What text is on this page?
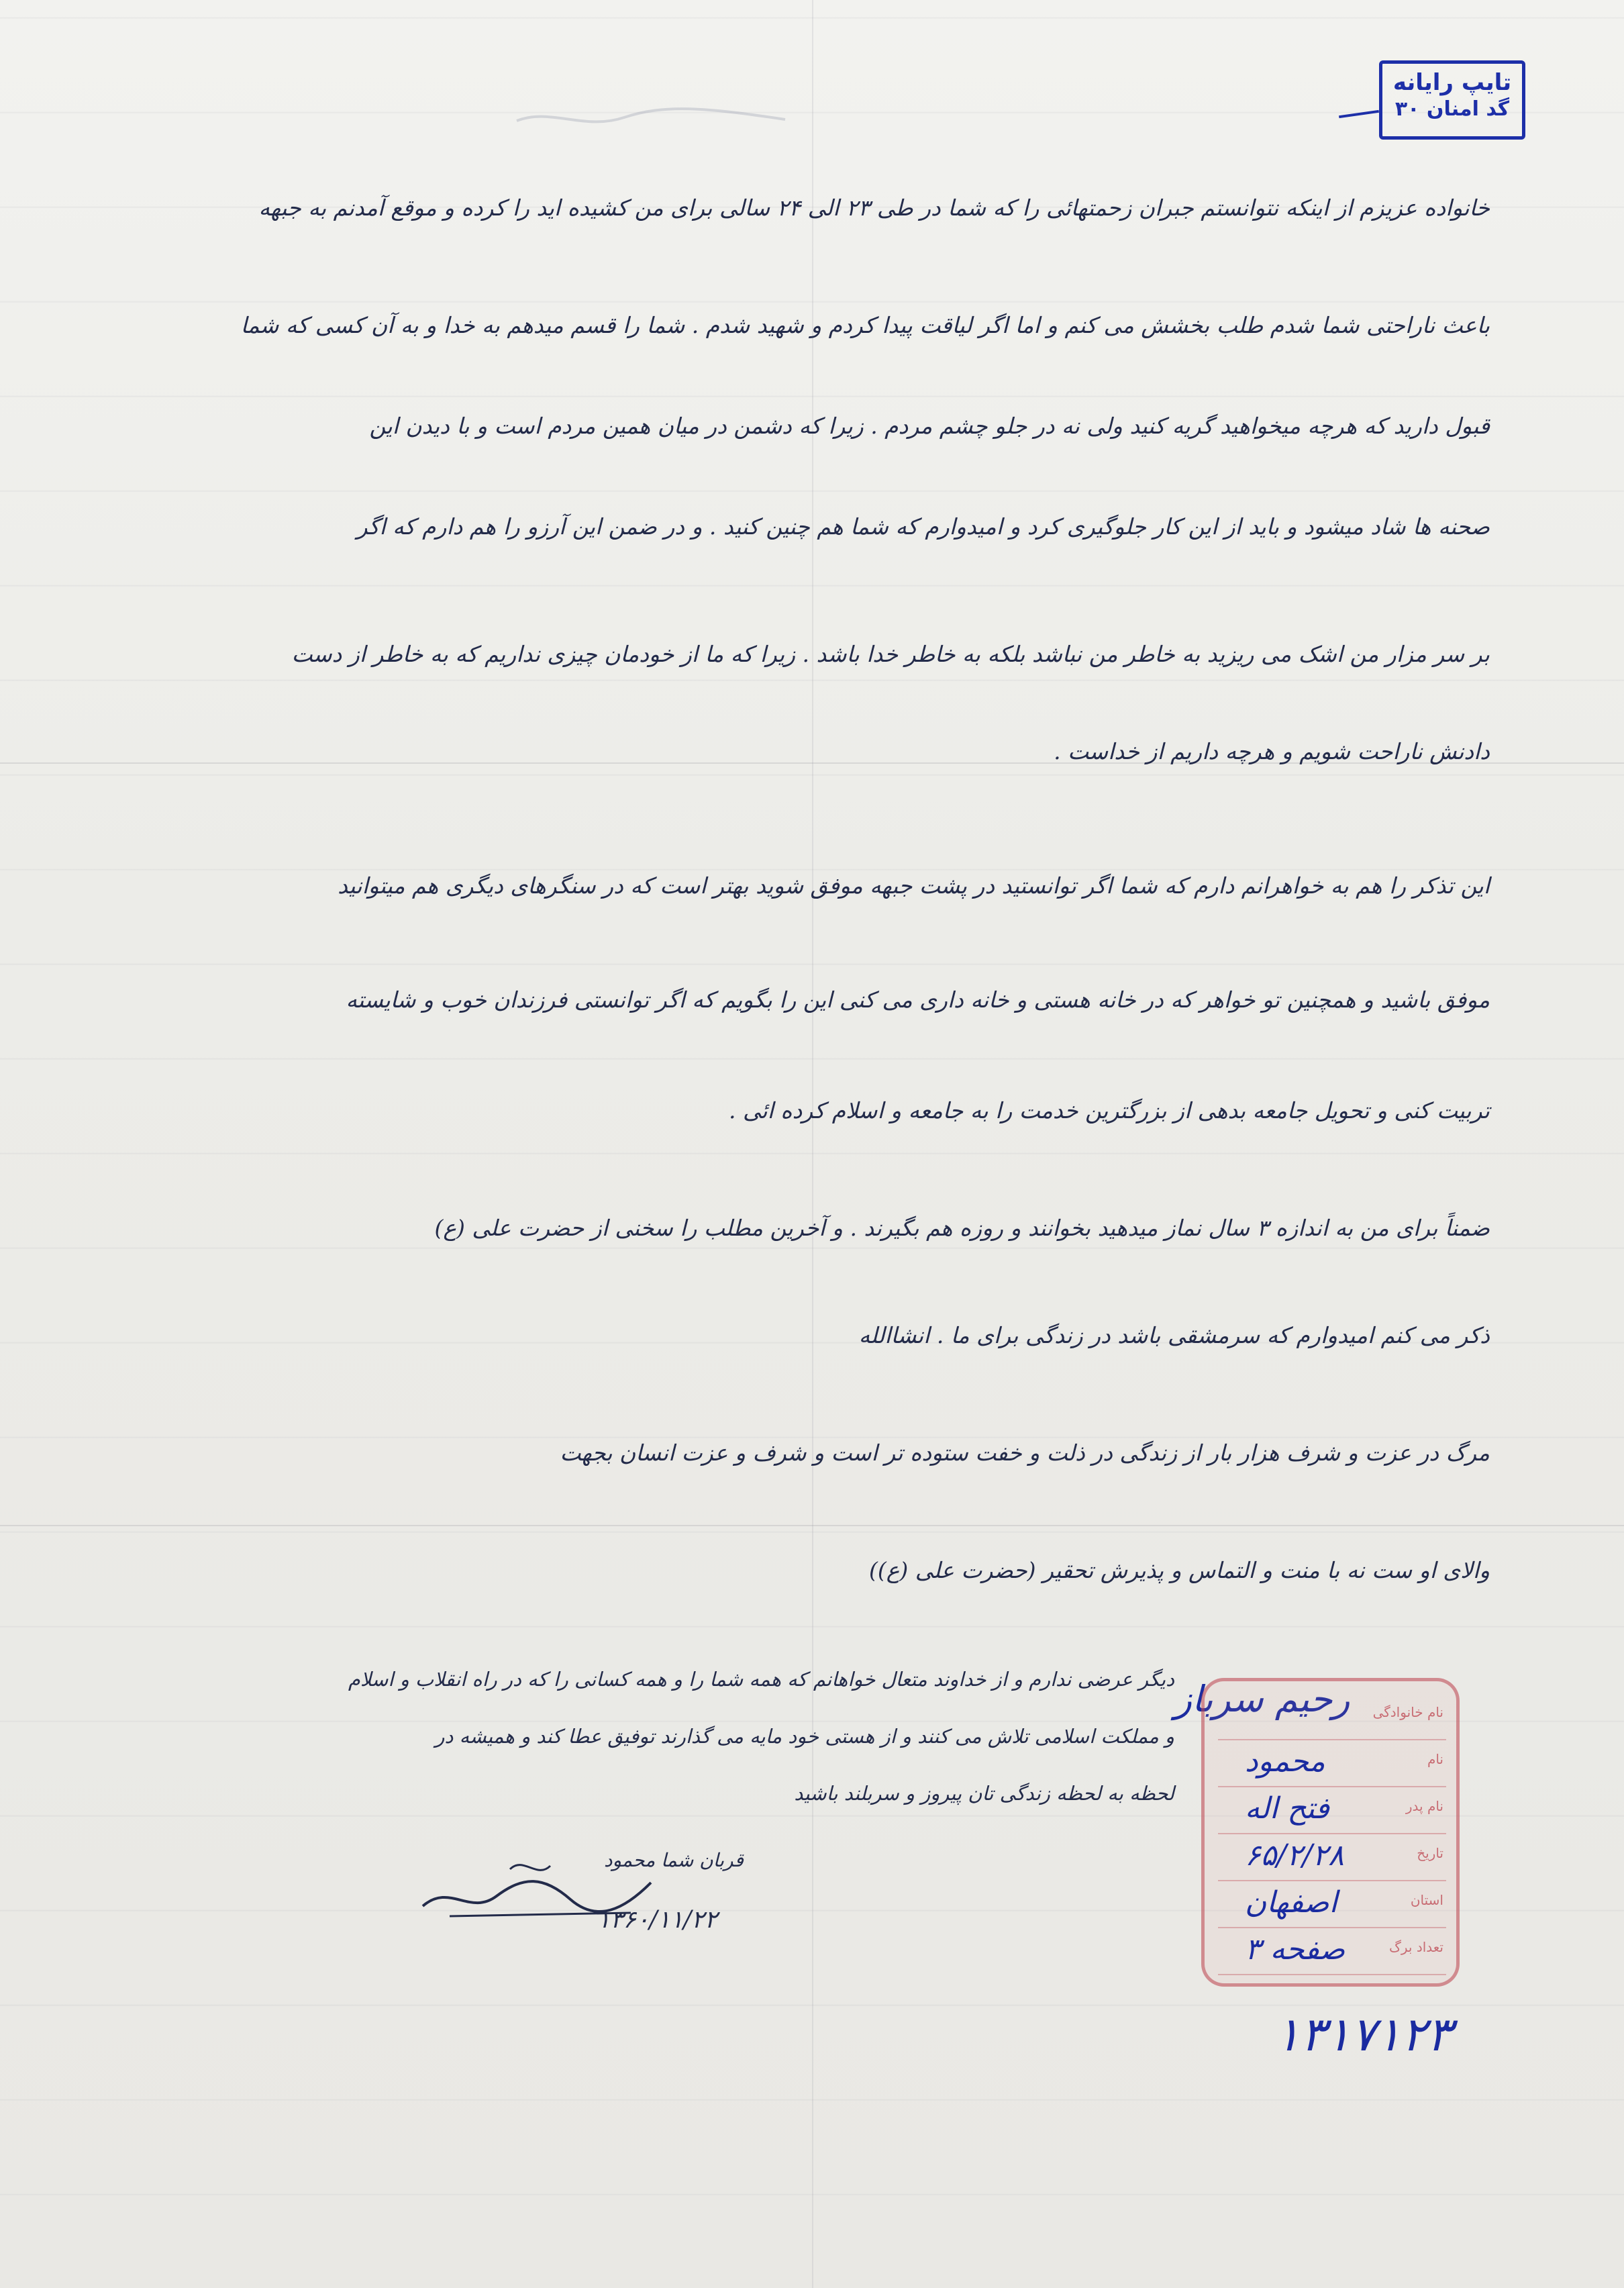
تایپ رایانه
گد امنان ۳۰
خانواده عزیزم از اینکه نتوانستم جبران زحمتهائی را که شما در طی ۲۳ الی ۲۴ سالی برای من کشیده اید را کرده و موقع آمدنم به جبهه
باعث ناراحتی شما شدم طلب بخشش می کنم و اما اگر لیاقت پیدا کردم و شهید شدم . شما را قسم میدهم به خدا و به آن کسی که شما
قبول دارید که هرچه میخواهید گریه کنید ولی نه در جلو چشم مردم . زیرا که دشمن در میان همین مردم است و با دیدن این
صحنه ها شاد میشود و باید از این کار جلوگیری کرد و امیدوارم که شما هم چنین کنید . و در ضمن این آرزو را هم دارم که اگر
بر سر مزار من اشک می ریزید به خاطر من نباشد بلکه به خاطر خدا باشد . زیرا که ما از خودمان چیزی نداریم که به خاطر از دست
دادنش ناراحت شویم و هرچه داریم از خداست .
این تذکر را هم به خواهرانم دارم که شما اگر توانستید در پشت جبهه موفق شوید بهتر است که در سنگرهای دیگری هم میتوانید
موفق باشید و همچنین تو خواهر که در خانه هستی و خانه داری می کنی این را بگویم که اگر توانستی فرزندان خوب و شایسته
تربیت کنی و تحویل جامعه بدهی از بزرگترین خدمت را به جامعه و اسلام کرده ائی .
ضمناً برای من به اندازه ۳ سال نماز میدهید بخوانند و روزه هم بگیرند . و آخرین مطلب را سخنی از حضرت علی (ع)
ذکر می کنم امیدوارم که سرمشقی باشد در زندگی برای ما . انشاالله
مرگ در عزت و شرف هزار بار از زندگی در ذلت و خفت ستوده تر است و شرف و عزت انسان بجهت
والای او ست نه با منت و التماس و پذیرش تحقیر (حضرت علی (ع))
دیگر عرضی ندارم و از خداوند متعال خواهانم که همه شما را و همه کسانی را که در راه انقلاب و اسلام
و مملکت اسلامی تلاش می کنند و از هستی خود مایه می گذارند توفیق عطا کند و همیشه در
لحظه به لحظه زندگی تان پیروز و سربلند باشید
قربان شما محمود
۱۳۶۰/۱۱/۲۲
رحیم سرباز نام خانوادگی
نام
محمود
نام پدر
فتح اله
تاریخ
۶۵/۲/۲۸
استان
اصفهان
تعداد برگ
صفحه ۳
۱۳۱۷۱۲۳
